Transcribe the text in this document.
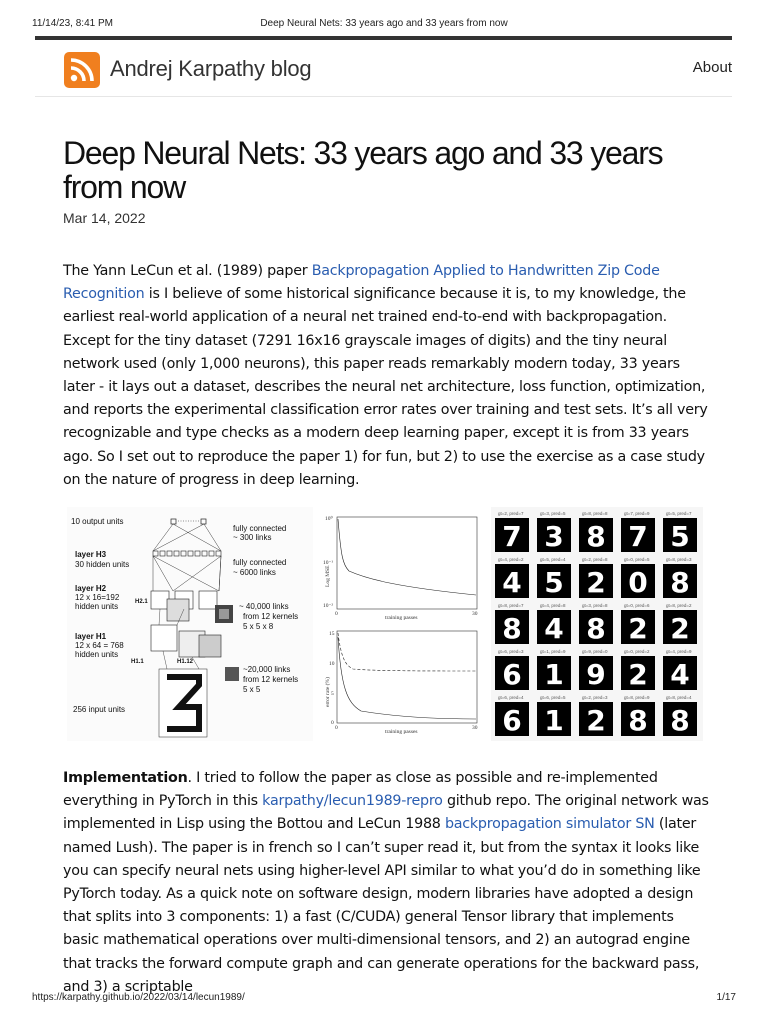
11/14/23, 8:41 PM	Deep Neural Nets: 33 years ago and 33 years from now
Andrej Karpathy blog	About
Deep Neural Nets: 33 years ago and 33 years from now
Mar 14, 2022

The Yann LeCun et al. (1989) paper Backpropagation Applied to Handwritten Zip Code Recognition is I believe of some historical significance because it is, to my knowledge, the earliest real-world application of a neural net trained end-to-end with backpropagation. Except for the tiny dataset (7291 16x16 grayscale images of digits) and the tiny neural network used (only 1,000 neurons), this paper reads remarkably modern today, 33 years later - it lays out a dataset, describes the neural net architecture, loss function, optimization, and reports the experimental classification error rates over training and test sets. It’s all very recognizable and type checks as a modern deep learning paper, except it is from 33 years ago. So I set out to reproduce the paper 1) for fun, but 2) to use the exercise as a case study on the nature of progress in deep learning.

10 output units
layer H3
30 hidden units
layer H2
12 x 16=192
hidden units
layer H1
12 x 64 = 768
hidden units
256 input units
fully connected
~ 300 links
fully connected
~ 6000 links
~ 40,000 links
from 12 kernels
5 x 5 x 8
~20,000 links
from 12 kernels
5 x 5
H2.1
H1.1	H1.12
Log MSE
training passes
10⁰
10⁻¹
10⁻²
error rate (%)
training passes
15
10
5
0
0	30
0	30
gt=2, pred=7
7
gt=3, pred=5
3
gt=8, pred=8
8
gt=7, pred=9
7
gt=5, pred=7
5
gt=4, pred=2
4
gt=5, pred=4
5
gt=2, pred=8
2
gt=0, pred=5
0
gt=8, pred=3
8
gt=8, pred=7
8
gt=4, pred=8
4
gt=3, pred=8
8
gt=0, pred=6
2
gt=8, pred=2
2
gt=6, pred=3
6
gt=1, pred=9
1
gt=9, pred=0
9
gt=0, pred=2
2
gt=4, pred=9
4
gt=6, pred=4
6
gt=6, pred=5
1
gt=2, pred=3
2
gt=8, pred=9
8
gt=8, pred=4
8

Implementation. I tried to follow the paper as close as possible and re-implemented everything in PyTorch in this karpathy/lecun1989-repro github repo. The original network was implemented in Lisp using the Bottou and LeCun 1988 backpropagation simulator SN (later named Lush). The paper is in french so I can’t super read it, but from the syntax it looks like you can specify neural nets using higher-level API similar to what you’d do in something like PyTorch today. As a quick note on software design, modern libraries have adopted a design that splits into 3 components: 1) a fast (C/CUDA) general Tensor library that implements basic mathematical operations over multi-dimensional tensors, and 2) an autograd engine that tracks the forward compute graph and can generate operations for the backward pass, and 3) a scriptable

https://karpathy.github.io/2022/03/14/lecun1989/	1/17
